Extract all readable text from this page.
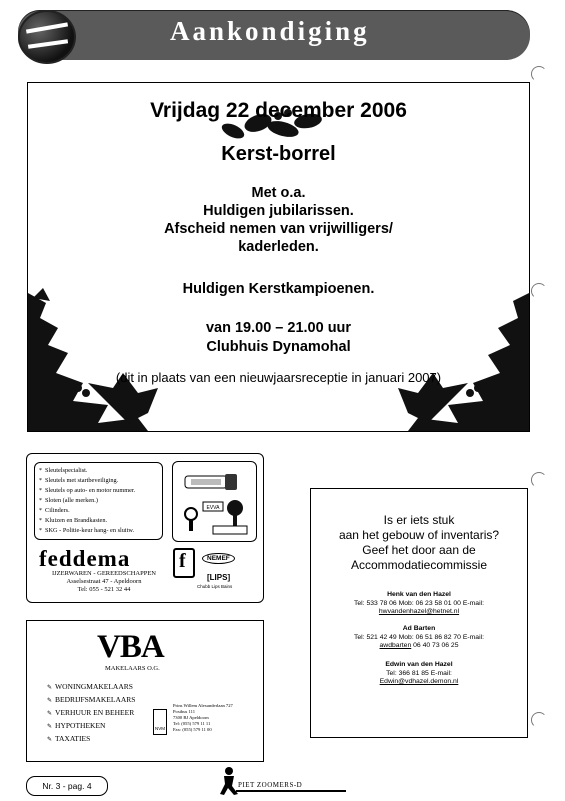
Aankondiging
Vrijdag 22 december 2006
Kerst-borrel
Met o.a.
Huldigen jubilarissen.
Afscheid nemen van vrijwilligers/
kaderleden.
Huldigen Kerstkampioenen.
van 19.00 – 21.00 uur
Clubhuis Dynamohal
(dit in plaats van een nieuwjaarsreceptie in januari 2007)
* Sleutelspecialist.
* Sleutels met startbeveiliging.
* Sleutels op auto- en motor nummer.
* Sloten (alle merken.)
* Cilinders.
* Kluizen en Brandkasten.
* SKG - Politie-keur hang- en sluitw.
EVVA
feddema f	NEMEF
[LIPS]
Chubb Lips Bains
IJZERWAREN - GEREEDSCHAPPEN
Asselsestraat 47 - Apeldoorn
Tel: 055 - 521 32 44
VBA
MAKELAARS O.G.
✎ WONINGMAKELAARS
✎ BEDRIJFSMAKELAARS
✎ VERHUUR EN BEHEER
✎ HYPOTHEKEN
✎ TAXATIES
NVM
Prins Willem Alexanderlaan 727
Postbus 111
7300 BJ Apeldoorn
Tel: (055) 579 11 11
Fax: (055) 579 11 00
Is er iets stuk
aan het gebouw of inventaris?
Geef het door aan de
Accommodatiecommissie
Henk van den Hazel
Tel: 533 78 06 Mob: 06 23 58 01 00 E-mail:
hwvandenhazel@hetnet.nl
Ad Barten
Tel: 521 42 49 Mob: 06 51 86 82 70 E-mail:
awdbarten 06 40 73 06 25
Edwin van den Hazel
Tel: 366 81 85 E-mail:
Edwin@vdhazel.demon.nl
Nr. 3 - pag. 4	PIET ZOOMERS-D
